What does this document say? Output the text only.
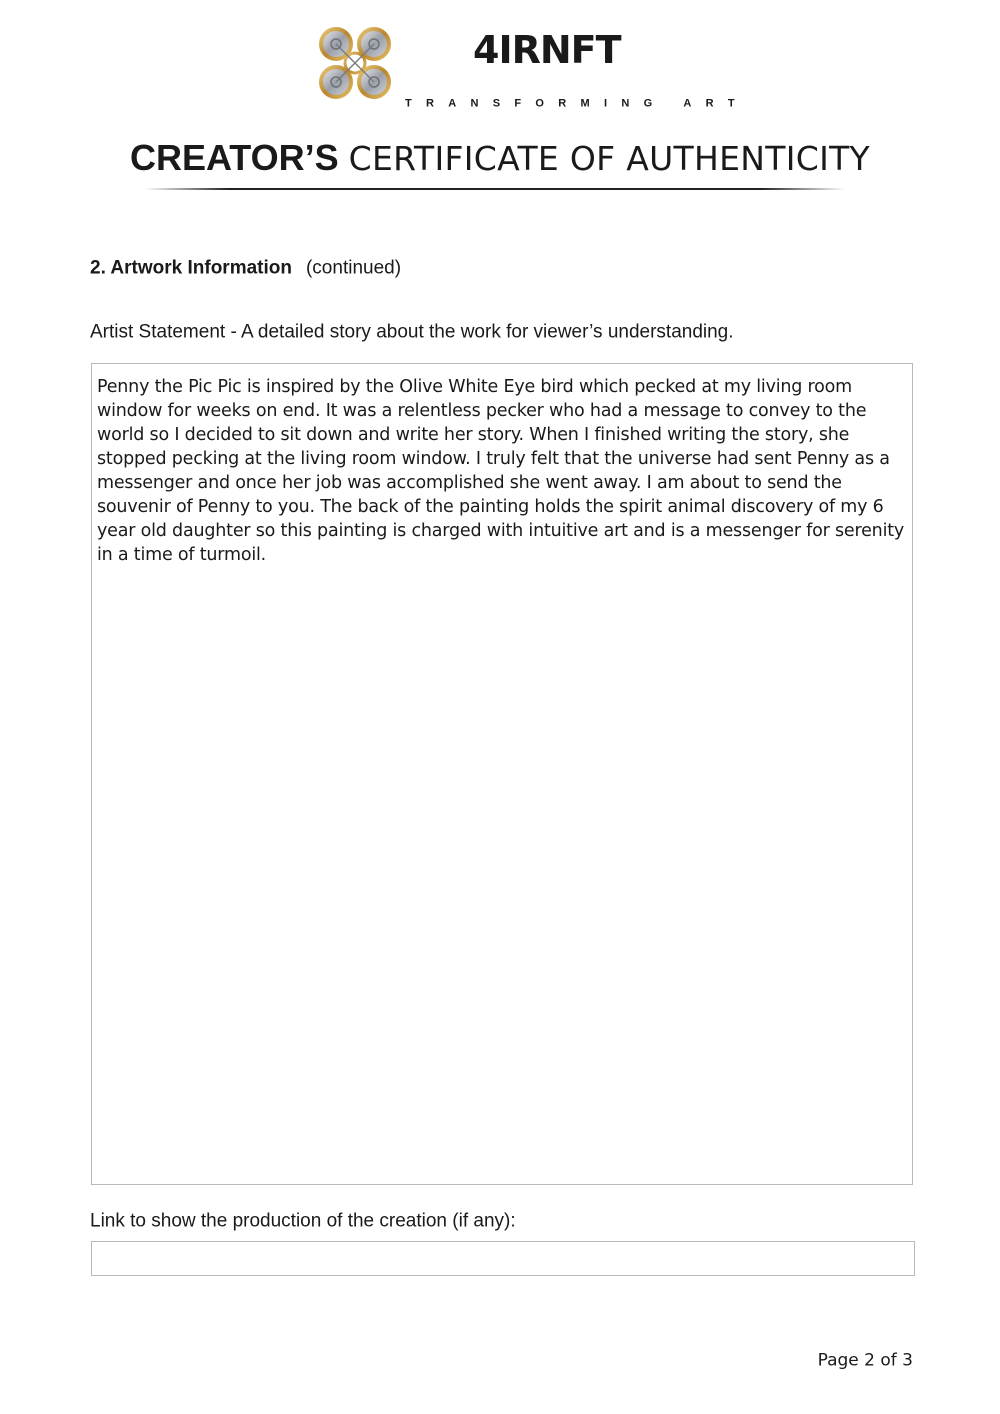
4IRNFT
TRANSFORMING ART
CREATOR’S CERTIFICATE OF AUTHENTICITY
2. Artwork Information (continued)
Artist Statement - A detailed story about the work for viewer’s understanding.

Penny the Pic Pic is inspired by the Olive White Eye bird which pecked at my living room window for weeks on end. It was a relentless pecker who had a message to convey to the world so I decided to sit down and write her story. When I finished writing the story, she stopped pecking at the living room window. I truly felt that the universe had sent Penny as a messenger and once her job was accomplished she went away. I am about to send the souvenir of Penny to you. The back of the painting holds the spirit animal discovery of my 6 year old daughter so this painting is charged with intuitive art and is a messenger for serenity in a time of turmoil.

Link to show the production of the creation (if any):
Page 2 of 3
